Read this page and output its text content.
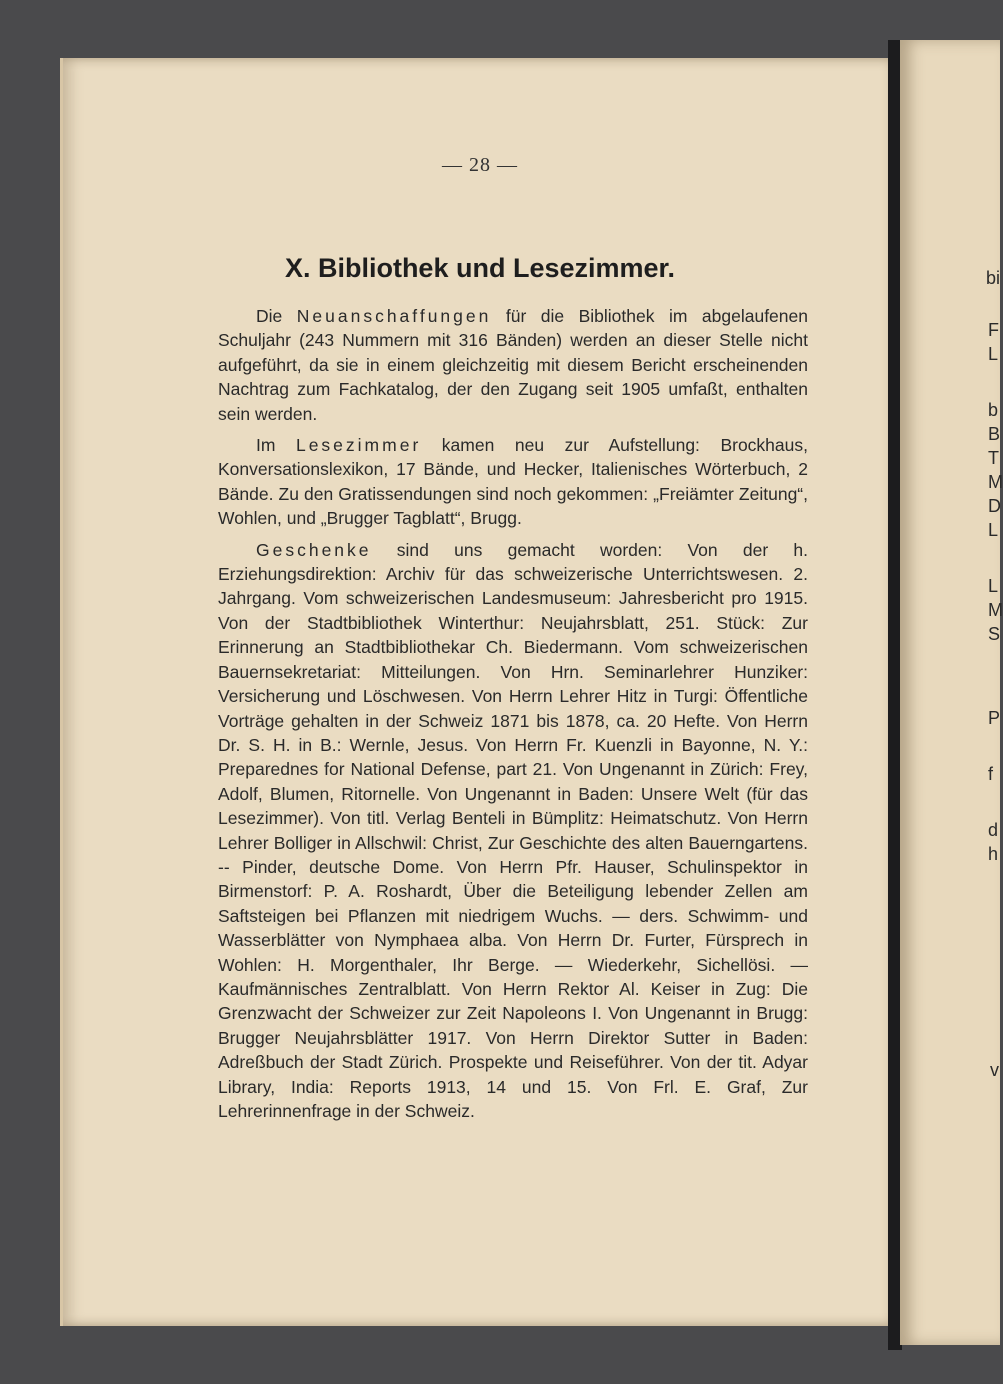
— 28 —
X. Bibliothek und Lesezimmer.

Die Neuanschaffungen für die Bibliothek im abgelaufenen Schuljahr (243 Nummern mit 316 Bänden) werden an dieser Stelle nicht aufgeführt, da sie in einem gleichzeitig mit diesem Bericht erscheinenden Nachtrag zum Fachkatalog, der den Zugang seit 1905 umfaßt, enthalten sein werden.

Im Lesezimmer kamen neu zur Aufstellung: Brockhaus, Konversationslexikon, 17 Bände, und Hecker, Italienisches Wörterbuch, 2 Bände. Zu den Gratissendungen sind noch gekommen: „Freiämter Zeitung“, Wohlen, und „Brugger Tagblatt“, Brugg.

Geschenke sind uns gemacht worden: Von der h. Erziehungsdirektion: Archiv für das schweizerische Unterrichtswesen. 2. Jahrgang. Vom schweizerischen Landesmuseum: Jahresbericht pro 1915. Von der Stadtbibliothek Winterthur: Neujahrsblatt, 251. Stück: Zur Erinnerung an Stadtbibliothekar Ch. Biedermann. Vom schweizerischen Bauernsekretariat: Mitteilungen. Von Hrn. Seminarlehrer Hunziker: Versicherung und Löschwesen. Von Herrn Lehrer Hitz in Turgi: Öffentliche Vorträge gehalten in der Schweiz 1871 bis 1878, ca. 20 Hefte. Von Herrn Dr. S. H. in B.: Wernle, Jesus. Von Herrn Fr. Kuenzli in Bayonne, N. Y.: Preparednes for National Defense, part 21. Von Ungenannt in Zürich: Frey, Adolf, Blumen, Ritornelle. Von Ungenannt in Baden: Unsere Welt (für das Lesezimmer). Von titl. Verlag Benteli in Bümplitz: Heimatschutz. Von Herrn Lehrer Bolliger in Allschwil: Christ, Zur Geschichte des alten Bauerngartens. -- Pinder, deutsche Dome. Von Herrn Pfr. Hauser, Schulinspektor in Birmenstorf: P. A. Roshardt, Über die Beteiligung lebender Zellen am Saftsteigen bei Pflanzen mit niedrigem Wuchs. — ders. Schwimm- und Wasserblätter von Nymphaea alba. Von Herrn Dr. Furter, Fürsprech in Wohlen: H. Morgenthaler, Ihr Berge. — Wiederkehr, Sichellösi. — Kaufmännisches Zentralblatt. Von Herrn Rektor Al. Keiser in Zug: Die Grenzwacht der Schweizer zur Zeit Napoleons I. Von Ungenannt in Brugg: Brugger Neujahrsblätter 1917. Von Herrn Direktor Sutter in Baden: Adreßbuch der Stadt Zürich. Prospekte und Reiseführer. Von der tit. Adyar Library, India: Reports 1913, 14 und 15. Von Frl. E. Graf, Zur Lehrerinnenfrage in der Schweiz.

bi
F
L
b
B
T
M
D
L
L
M
S
P
f
d
h
v
